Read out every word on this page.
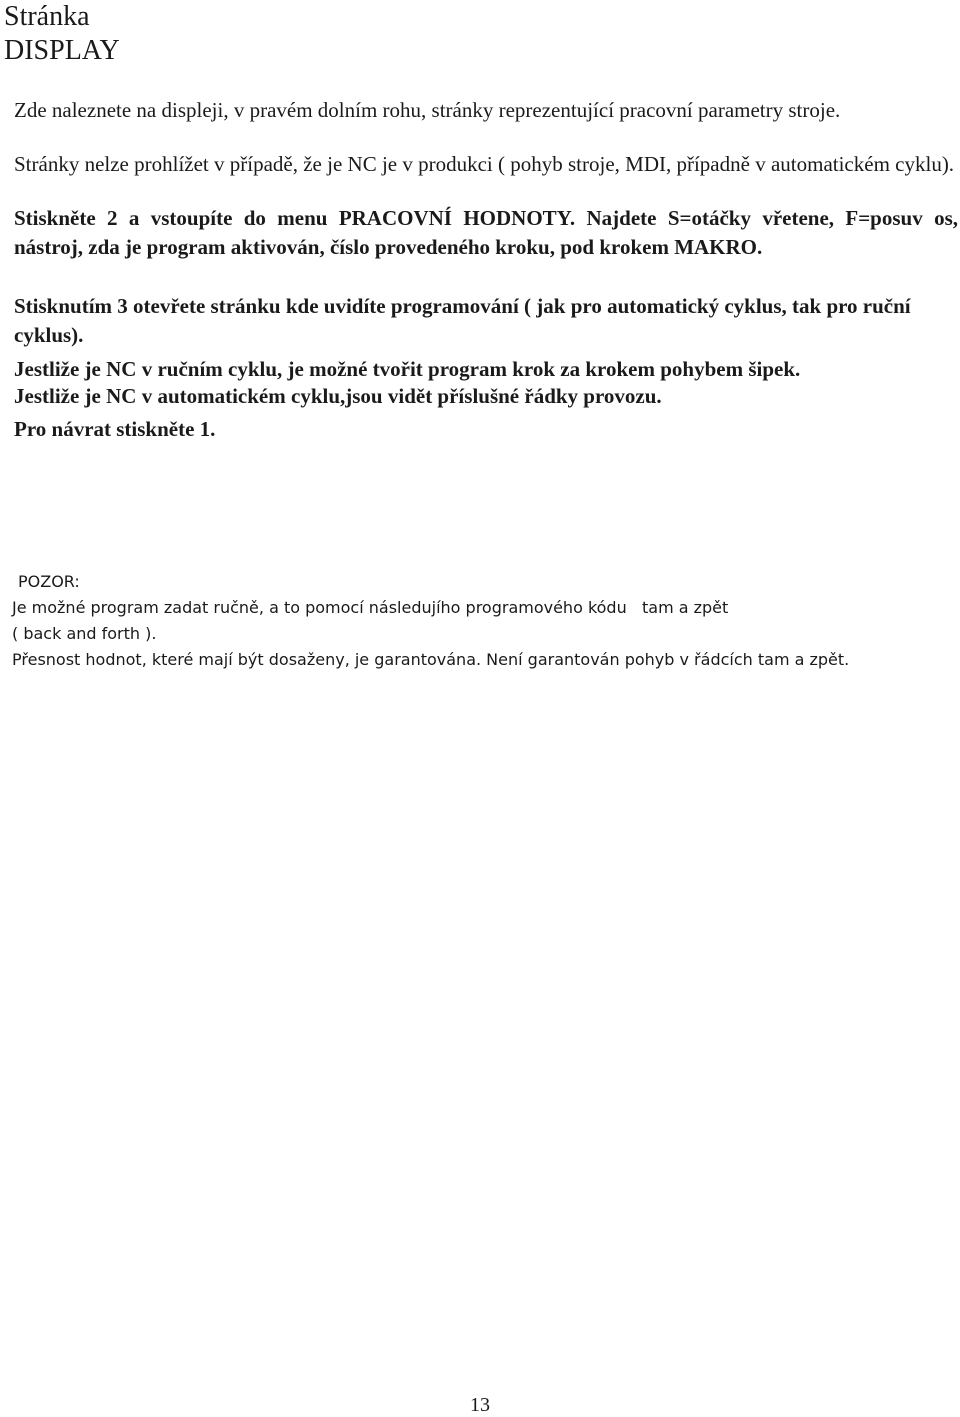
Stránka
DISPLAY

Zde naleznete na displeji, v pravém dolním rohu, stránky reprezentující pracovní parametry stroje.

Stránky nelze prohlížet v případě, že je NC je v produkci ( pohyb stroje, MDI, případně v automatickém cyklu).

Stiskněte 2 a vstoupíte do menu PRACOVNÍ HODNOTY. Najdete S=otáčky vřetene, F=posuv os, nástroj, zda je program aktivován, číslo provedeného kroku, pod krokem MAKRO.

Stisknutím 3 otevřete stránku kde uvidíte programování ( jak pro automatický cyklus, tak pro ruční cyklus).

Jestliže je NC v ručním cyklu, je možné tvořit program krok za krokem pohybem šipek.

Jestliže je NC v automatickém cyklu,jsou vidět příslušné řádky provozu.

Pro návrat stiskněte 1.

POZOR:
Je možné program zadat ručně, a to pomocí následujího programového kódu   tam a zpět
( back and forth ).
Přesnost hodnot, které mají být dosaženy, je garantována. Není garantován pohyb v řádcích tam a zpět.
13
